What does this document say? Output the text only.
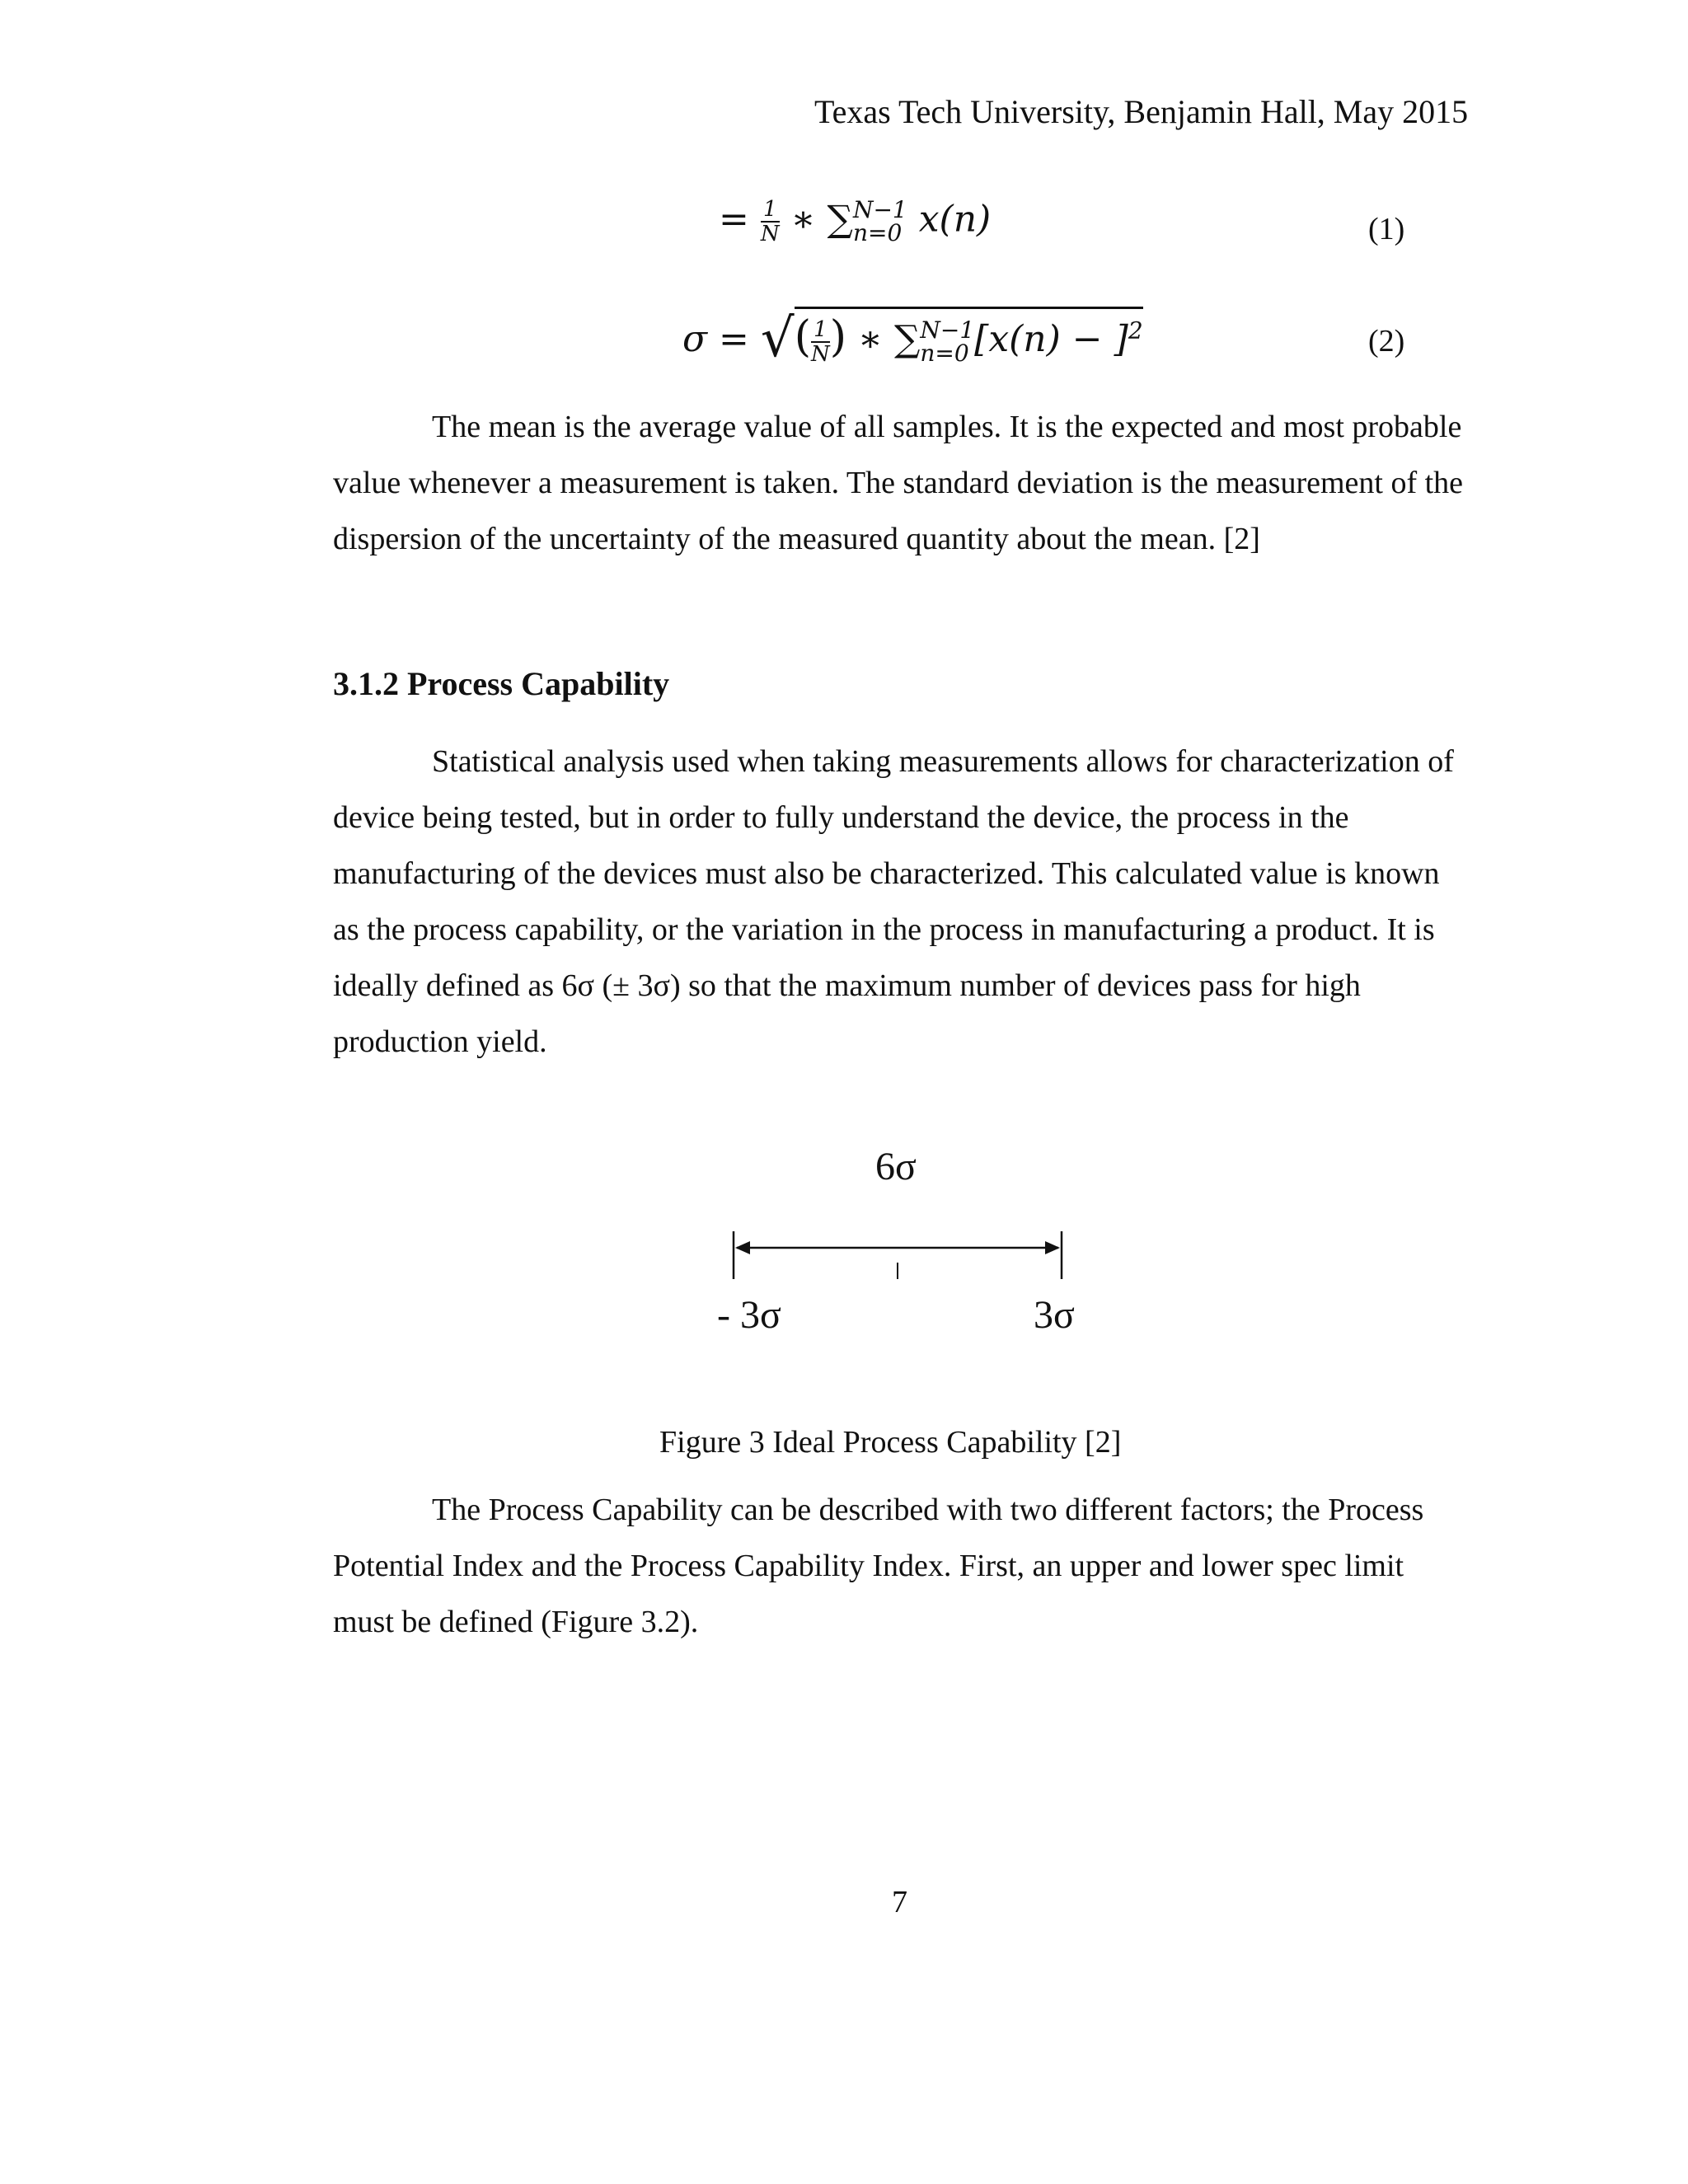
Texas Tech University, Benjamin Hall, May 2015
= $\frac{1}{N}$ ∗ ∑ N−1
n=0 x(n)	(1)
σ = √( $\frac{1}{N}$ ) ∗ ∑ N−1
n=0 $[x(n) - ]^2$	(2)
The mean is the average value of all samples. It is the expected and most probable value whenever a measurement is taken. The standard deviation is the measurement of the dispersion of the uncertainty of the measured quantity about the mean. [2]
3.1.2 Process Capability
Statistical analysis used when taking measurements allows for characterization of device being tested, but in order to fully understand the device, the process in the manufacturing of the devices must also be characterized. This calculated value is known as the process capability, or the variation in the process in manufacturing a product. It is ideally defined as 6σ (± 3σ) so that the maximum number of devices pass for high production yield.
6σ
- 3σ	3σ
Figure 3 Ideal Process Capability [2]
The Process Capability can be described with two different factors; the Process Potential Index and the Process Capability Index. First, an upper and lower spec limit must be defined (Figure 3.2).
7
